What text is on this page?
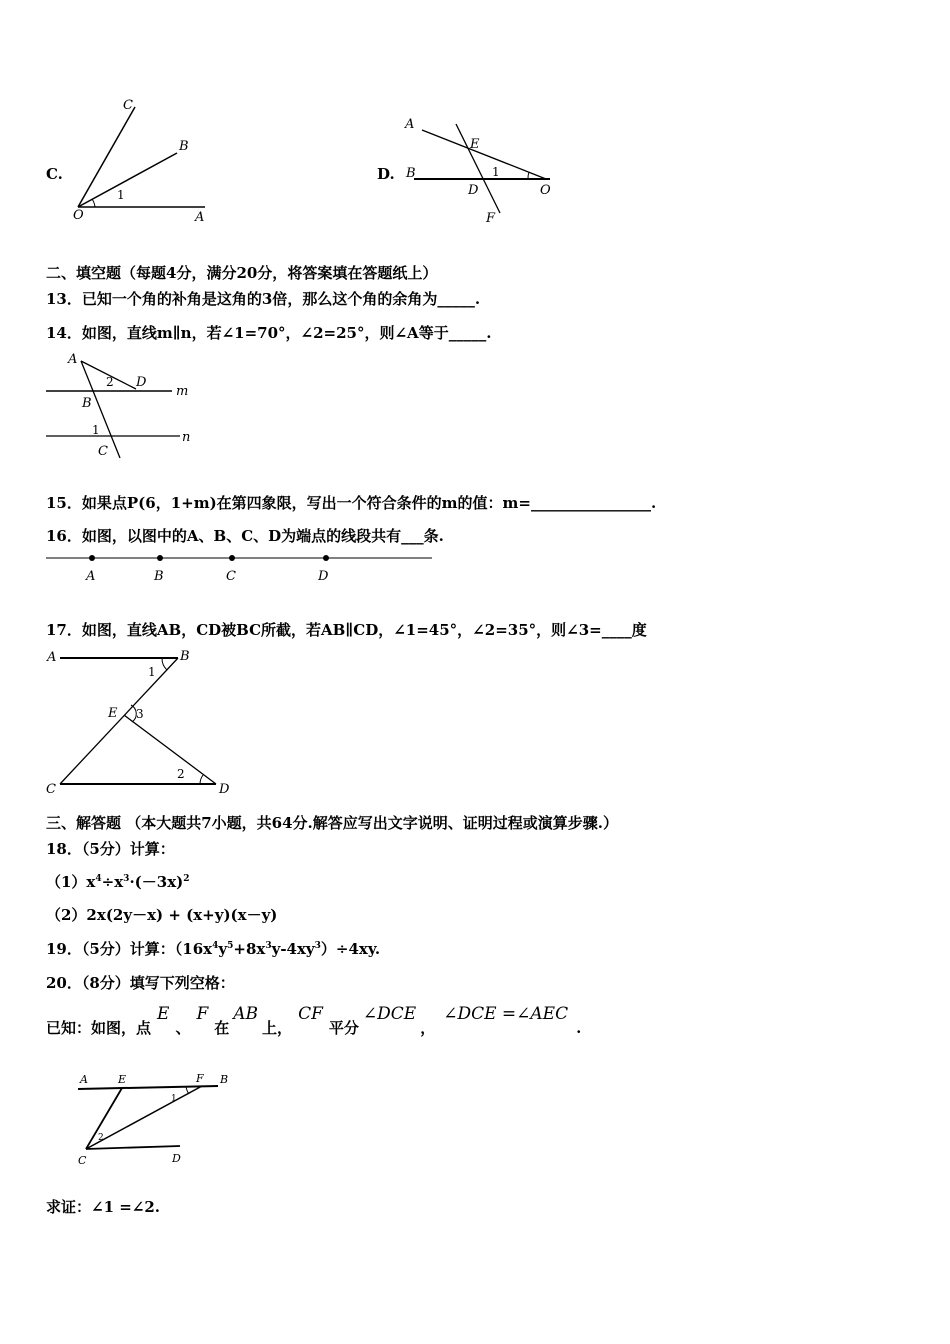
C.
C
B
O	A
1
D.
A
E
B
D	O
F
1
二、填空题（每题4分，满分20分，将答案填在答题纸上）
13．已知一个角的补角是这角的3倍，那么这个角的余角为_____.
14．如图，直线m∥n，若∠1=70°，∠2=25°，则∠A等于_____.
A
D
m
B
n
C
1
2
15．如果点P(6，1+m)在第四象限，写出一个符合条件的m的值：m=________________.
16．如图，以图中的A、B、C、D为端点的线段共有___条.
A	B	C	D
17．如图，直线AB，CD被BC所截，若AB∥CD，∠1=45°，∠2=35°，则∠3=____度
A	B
E
C	D
1
2
3
三、解答题 （本大题共7小题，共64分.解答应写出文字说明、证明过程或演算步骤.）
18．（5分）计算：
$(1)x^4\div x^3\cdot(-3x)^2$
（2）2x(2y－x) + (x+y)(x－y)
19．（5分）计算：$(16x^4y^5+8x^3y-4xy^3)\div 4xy$.
20．（8分）填写下列空格：
已知：如图，点E、F在AB上，CF平分∠DCE，∠DCE =∠AEC.
A	E	F B
C	D
1
2
求证：∠1 =∠2.
